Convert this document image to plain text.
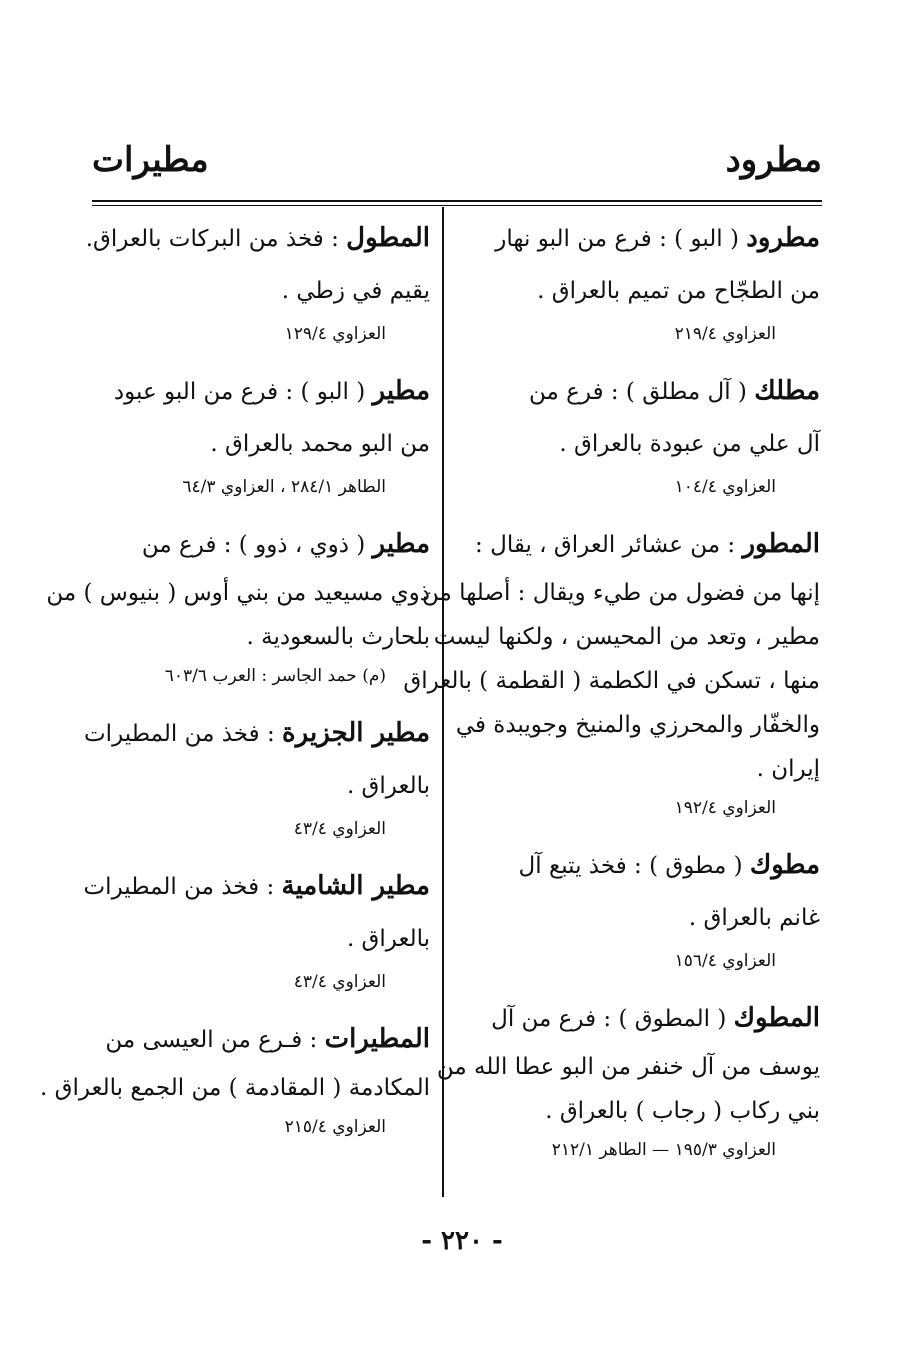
مطرود
مطيرات
مطرود ( البو ) : فرع من البو نهار
من الطجّاح من تميم بالعراق .
العزاوي ٢١٩/٤
مطلك ( آل مطلق ) : فرع من
آل علي من عبودة بالعراق .
العزاوي ١٠٤/٤
المطور : من عشائر العراق ، يقال :
إنها من فضول من طيء ويقال : أصلها من
مطير ، وتعد من المحيسن ، ولكنها ليست
منها ، تسكن في الكطمة ( القطمة ) بالعراق
والخفّار والمحرزي والمنيخ وجويبدة في
إيران .
العزاوي ١٩٢/٤
مطوك ( مطوق ) : فخذ يتبع آل
غانم بالعراق .
العزاوي ١٥٦/٤
المطوك ( المطوق ) : فرع من آل
يوسف من آل خنفر من البو عطا الله من
بني ركاب ( رجاب ) بالعراق .
العزاوي ١٩٥/٣ — الطاهر ٢١٢/١
المطول : فخذ من البركات بالعراق.
يقيم في زطي .
العزاوي ١٢٩/٤
مطير ( البو ) : فرع من البو عبود
من البو محمد بالعراق .
الطاهر ٢٨٤/١ ، العزاوي ٦٤/٣
مطير ( ذوي ، ذوو ) : فرع من
ذوي مسيعيد من بني أوس ( بنيوس ) من
بلحارث بالسعودية .
(م) حمد الجاسر : العرب ٦٠٣/٦
مطير الجزيرة : فخذ من المطيرات
بالعراق .
العزاوي ٤٣/٤
مطير الشامية : فخذ من المطيرات
بالعراق .
العزاوي ٤٣/٤
المطيرات : فـرع من العيسى من
المكادمة ( المقادمة ) من الجمع بالعراق .
العزاوي ٢١٥/٤
- ٢٢٠ -
